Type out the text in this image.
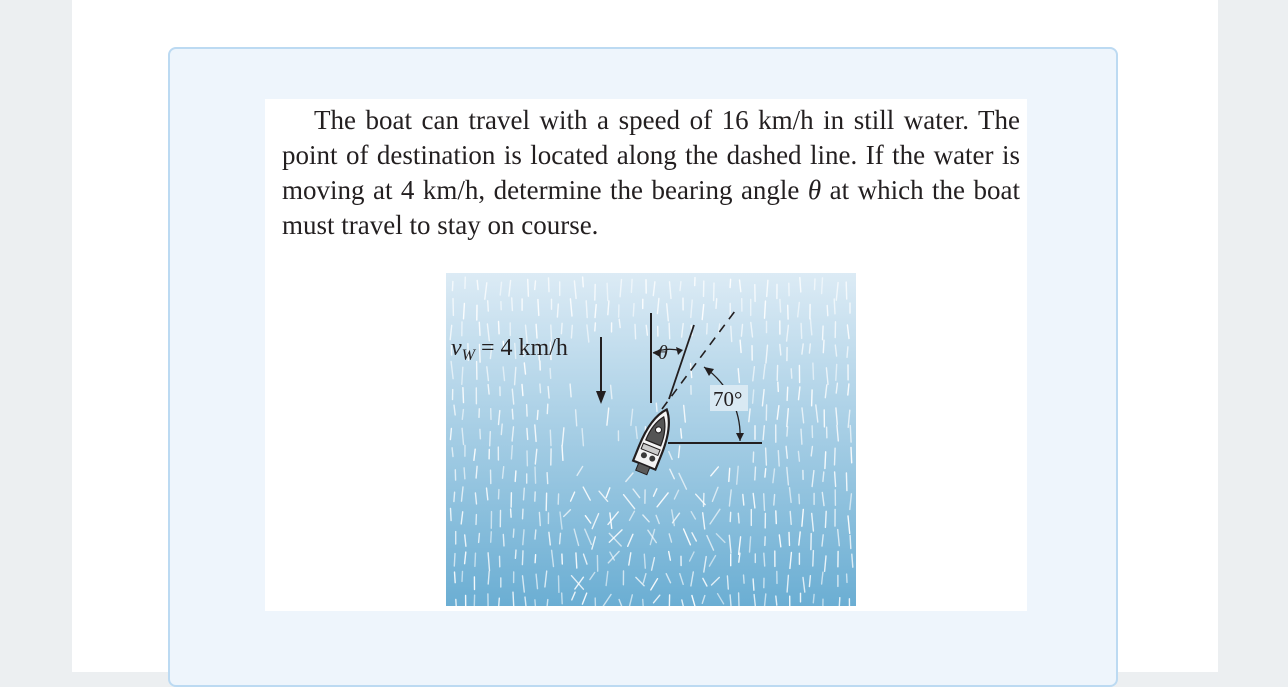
The boat can travel with a speed of 16 km/h in still water. The point of destination is located along the dashed line. If the water is moving at 4 km/h, determine the bearing angle θ at which the boat must travel to stay on course.

$v_W = 4$ km/h	θ
70°
